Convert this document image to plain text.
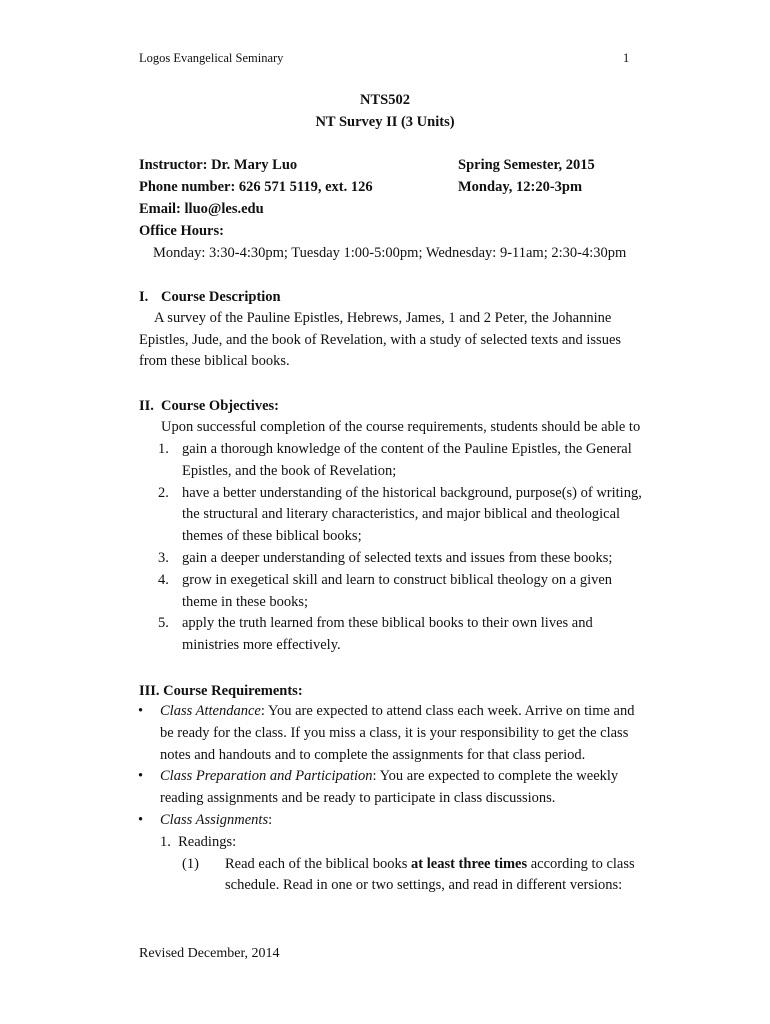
Logos Evangelical Seminary	1
NTS502
NT Survey II (3 Units)
Instructor: Dr. Mary Luo	Spring Semester, 2015
Phone number: 626 571 5119, ext. 126	Monday, 12:20-3pm
Email: lluo@les.edu
Office Hours:
Monday: 3:30-4:30pm; Tuesday 1:00-5:00pm; Wednesday: 9-11am; 2:30-4:30pm
I. Course Description
A survey of the Pauline Epistles, Hebrews, James, 1 and 2 Peter, the Johannine
Epistles, Jude, and the book of Revelation, with a study of selected texts and issues
from these biblical books.
II. Course Objectives:
Upon successful completion of the course requirements, students should be able to
1. gain a thorough knowledge of the content of the Pauline Epistles, the General
Epistles, and the book of Revelation;
2. have a better understanding of the historical background, purpose(s) of writing,
the structural and literary characteristics, and major biblical and theological
themes of these biblical books;
3. gain a deeper understanding of selected texts and issues from these books;
4. grow in exegetical skill and learn to construct biblical theology on a given
theme in these books;
5. apply the truth learned from these biblical books to their own lives and
ministries more effectively.
III. Course Requirements:
•	Class Attendance: You are expected to attend class each week. Arrive on time and
be ready for the class. If you miss a class, it is your responsibility to get the class
notes and handouts and to complete the assignments for that class period.
•	Class Preparation and Participation: You are expected to complete the weekly
reading assignments and be ready to participate in class discussions.
•	Class Assignments:
1.  Readings:
(1)	Read each of the biblical books at least three times according to class
schedule. Read in one or two settings, and read in different versions:
Revised December, 2014
